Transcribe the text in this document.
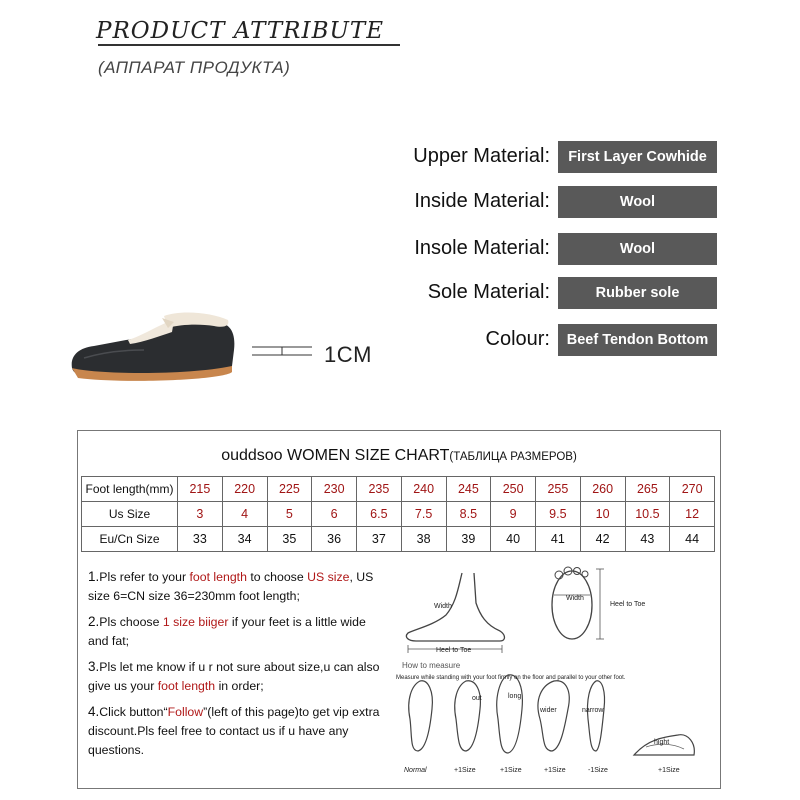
PRODUCT ATTRIBUTE
(АППАРАТ ПРОДУКТА)
Upper Material:	First Layer Cowhide
Inside Material:	Wool
Insole Material:	Wool
Sole Material:	Rubber sole
Colour:	Beef Tendon Bottom
1CM
ouddsoo WOMEN SIZE CHART(ТАБЛИЦА РАЗМЕРОВ)
Foot length(mm)	215	220	225	230	235	240	245	250	255	260	265	270
Us Size	3	4	5	6	6.5	7.5	8.5	9	9.5	10	10.5	12
Eu/Cn Size	33	34	35	36	37	38	39	40	41	42	43	44
1.Pls refer to your foot length to choose US size, US size 6=CN size 36=230mm foot length;
2.Pls choose 1 size biiger if your feet is a little wide and fat;
3.Pls let me know if u r not sure about size,u can also give us your foot length in order;
4.Click button“Follow”(left of this page)to get vip extra discount.Pls feel free to contact us if u have any questions.
Width
Heel to Toe
Width
Heel to Toe
Measure while standing with your foot firmly on the floor and parallel to your other foot.
How to measure
out	long
wider	narrow
hight
Normal	+1Size	+1Size	+1Size	-1Size	+1Size
